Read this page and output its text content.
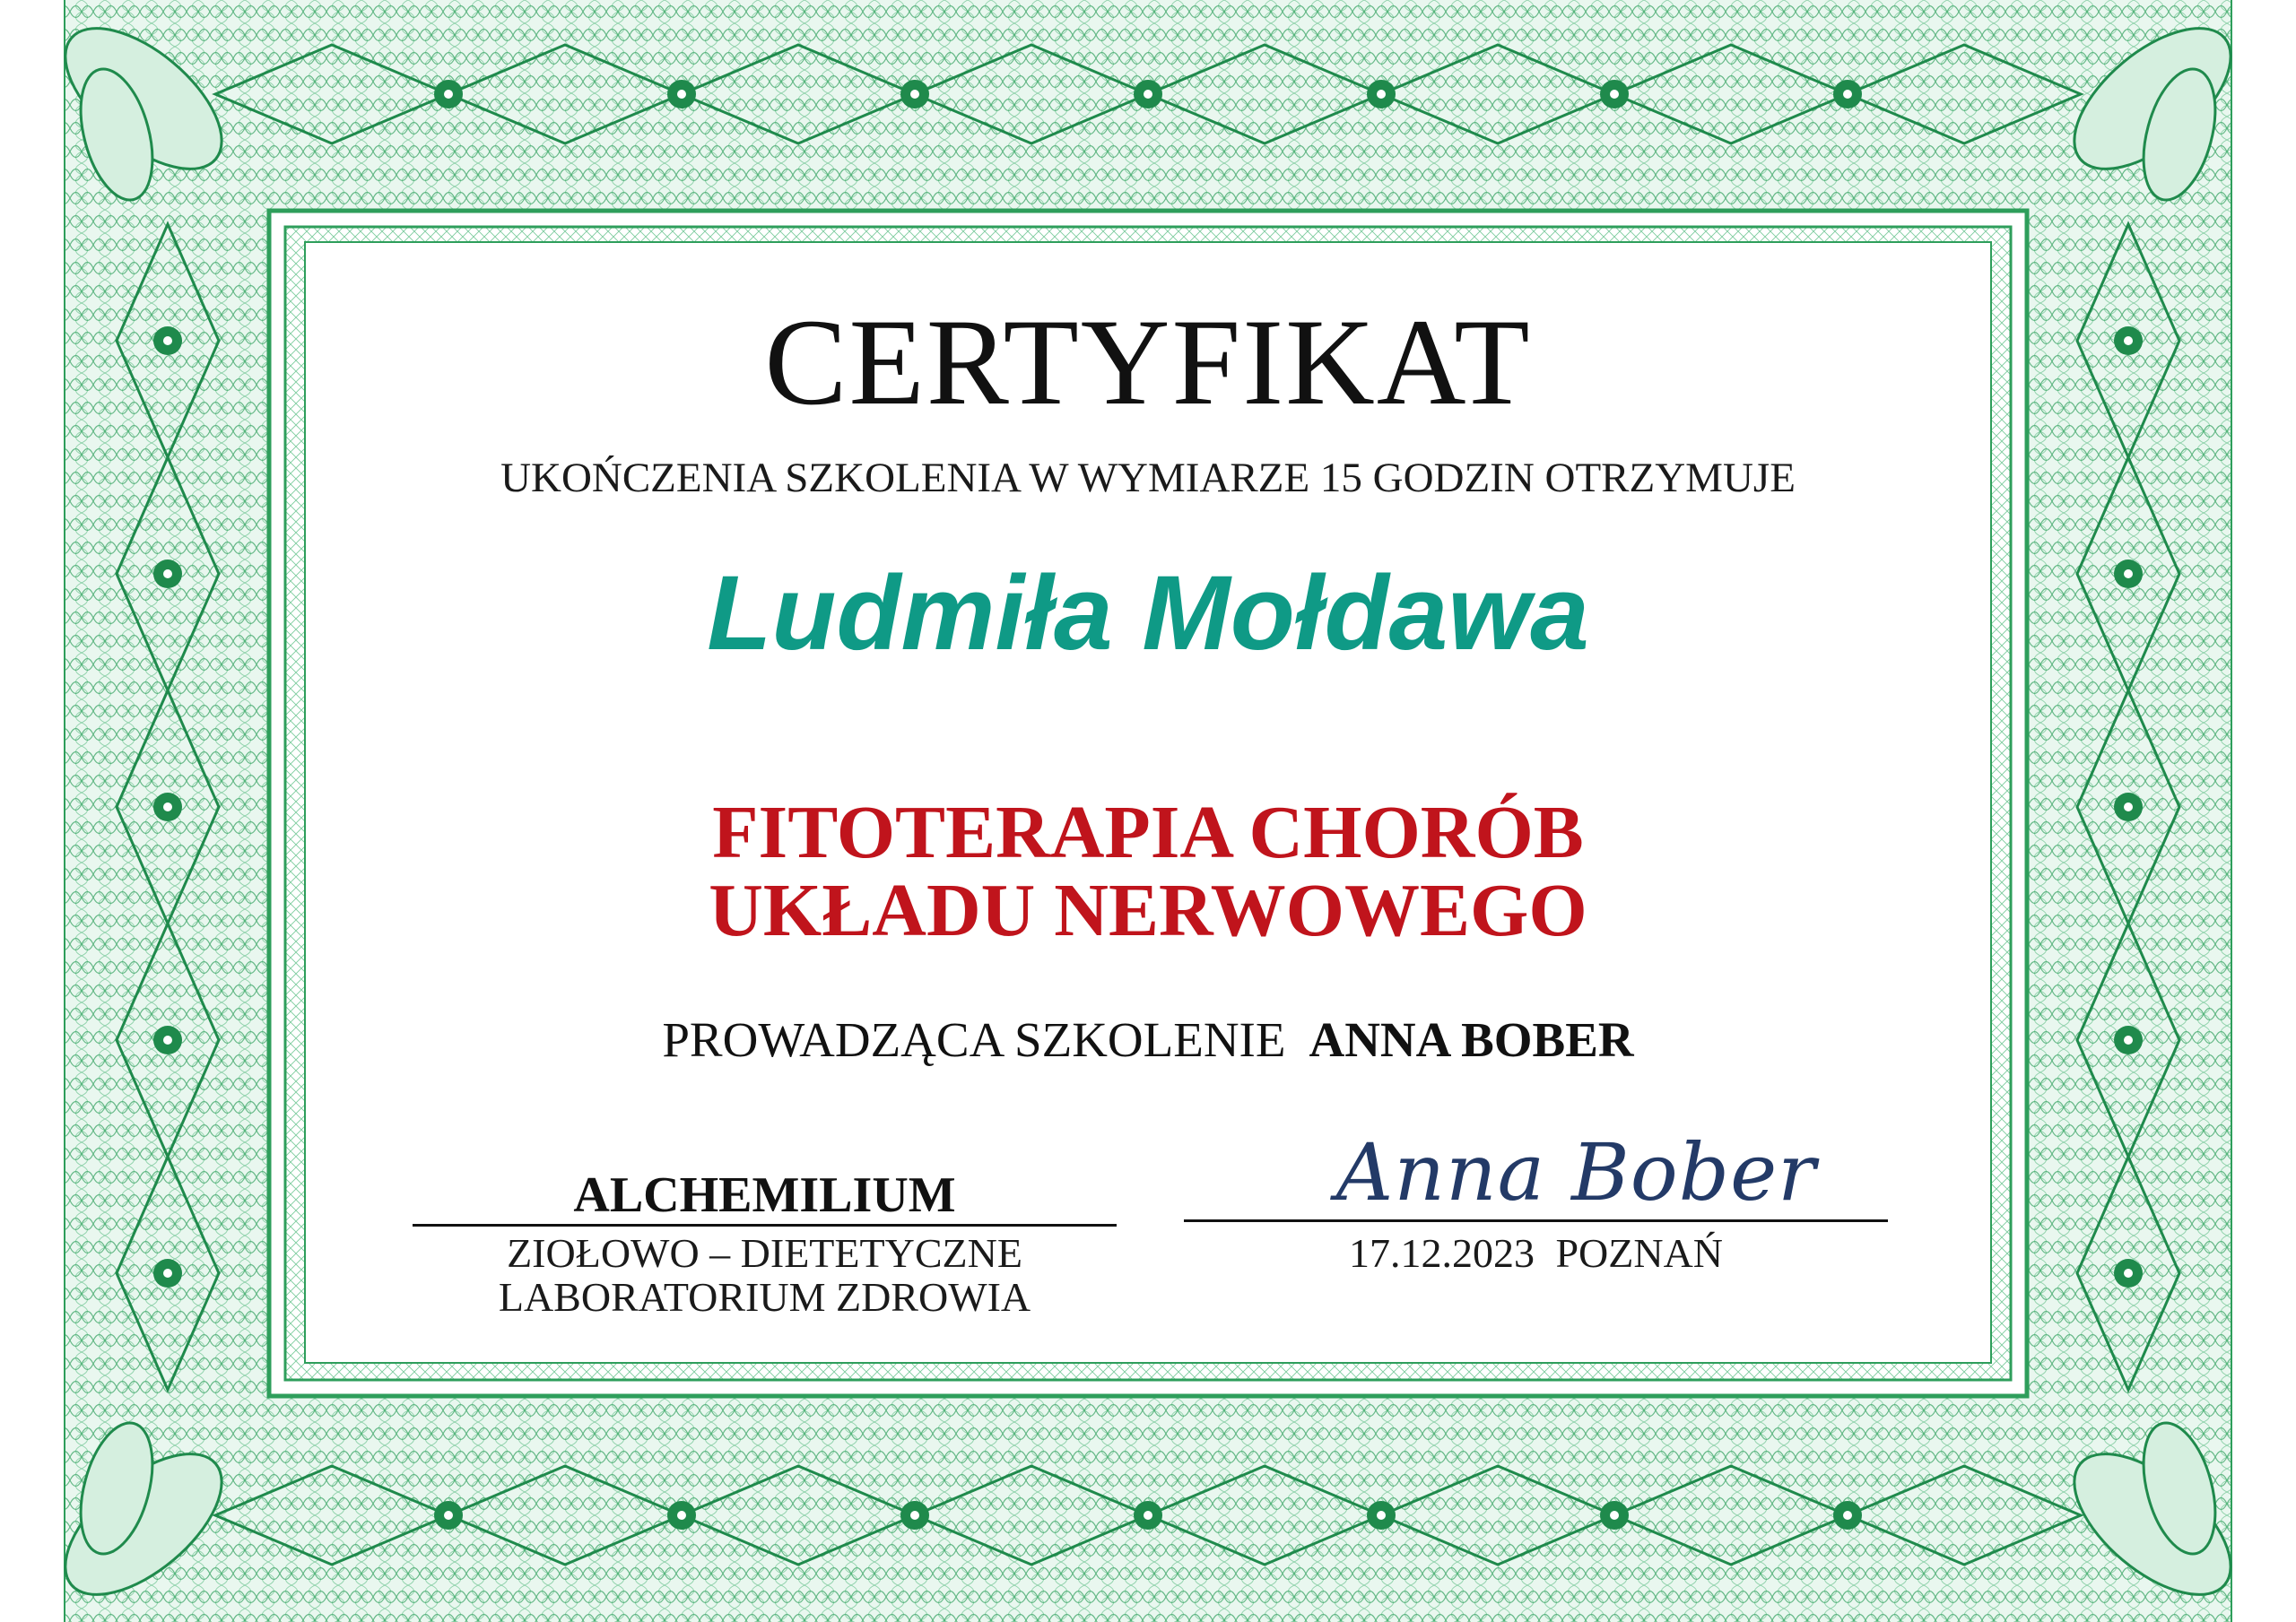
CERTYFIKAT
UKOŃCZENIA SZKOLENIA W WYMIARZE 15 GODZIN OTRZYMUJE
Ludmiła Mołdawa
FITOTERAPIA CHORÓB
UKŁADU NERWOWEGO
PROWADZĄCA SZKOLENIE ANNA BOBER
ALCHEMILIUM
ZIOŁOWO – DIETETYCZNE
LABORATORIUM ZDROWIA
Anna Bober
17.12.2023 POZNAŃ
